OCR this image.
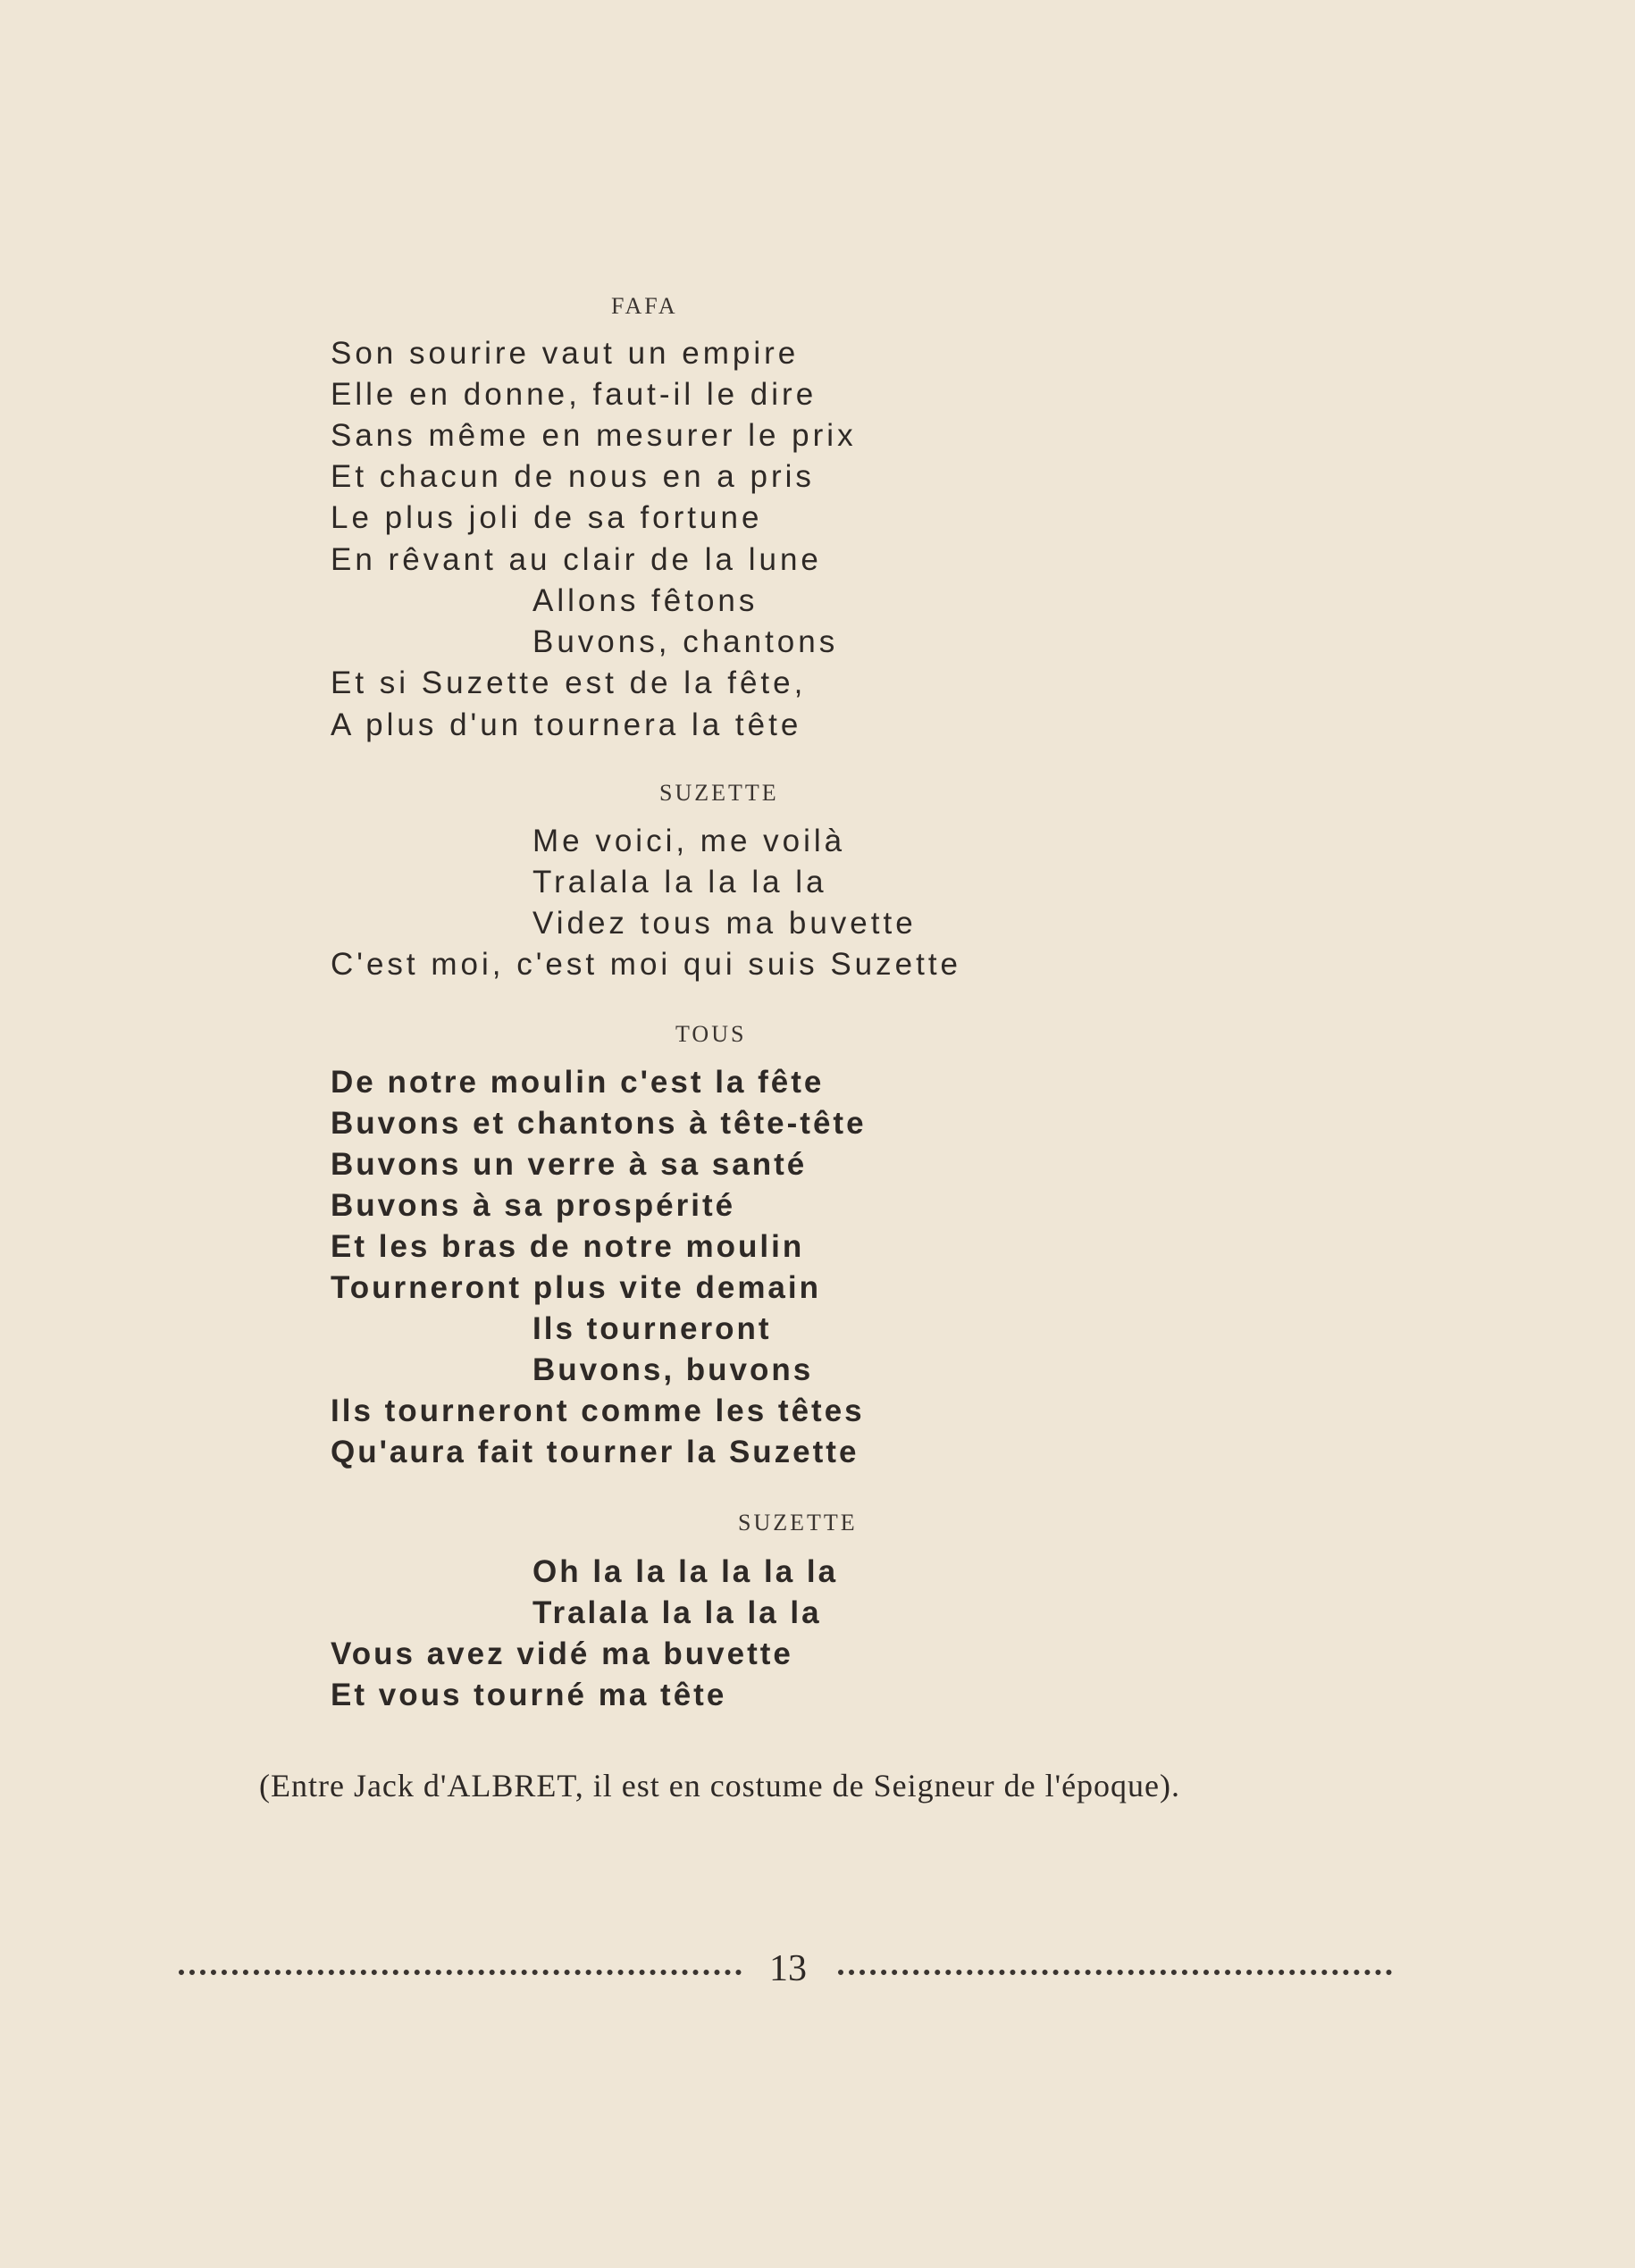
FAFA
Son sourire vaut un empire
Elle en donne, faut-il le dire
Sans même en mesurer le prix
Et chacun de nous en a pris
Le plus joli de sa fortune
En rêvant au clair de la lune
Allons fêtons
Buvons, chantons
Et si Suzette est de la fête,
A plus d'un tournera la tête
SUZETTE
Me voici, me voilà
Tralala la la la la
Videz tous ma buvette
C'est moi, c'est moi qui suis Suzette
TOUS
De notre moulin c'est la fête
Buvons et chantons à tête-tête
Buvons un verre à sa santé
Buvons à sa prospérité
Et les bras de notre moulin
Tourneront plus vite demain
Ils tourneront
Buvons, buvons
Ils tourneront comme les têtes
Qu'aura fait tourner la Suzette
SUZETTE
Oh la la la la la la
Tralala la la la la
Vous avez vidé ma buvette
Et vous tourné ma tête
(Entre Jack d'ALBRET, il est en costume de Seigneur de l'époque).
13
